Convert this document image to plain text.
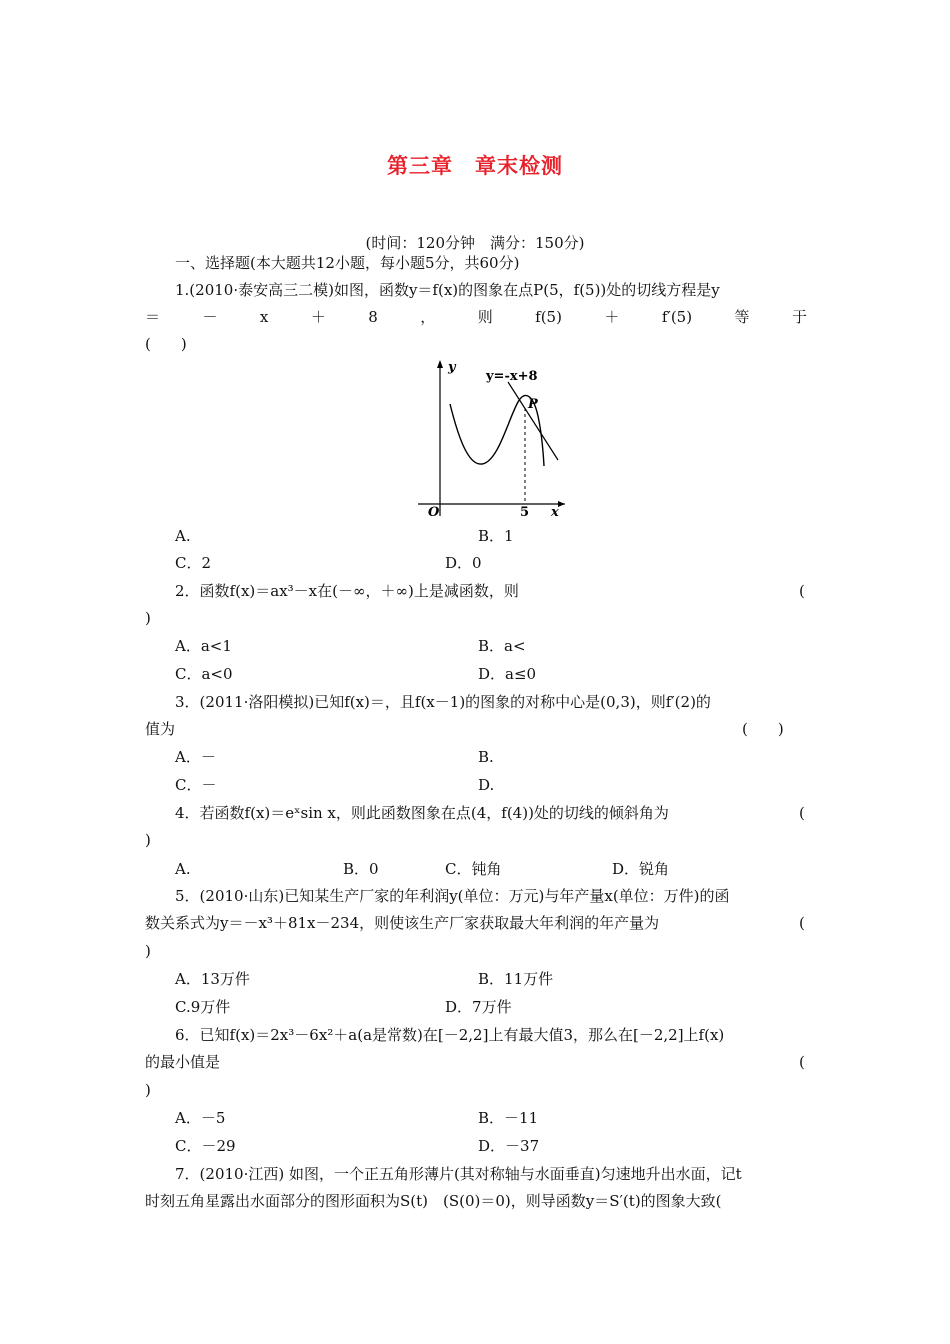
第三章　章末检测
(时间：120分钟　满分：150分)
一、选择题(本大题共12小题，每小题5分，共60分)
1.(2010·泰安高三二模)如图，函数y＝f(x)的图象在点P(5，f(5))处的切线方程是y
＝	－	x	＋	8	，	则	f(5)	＋	f′(5)	等	于
(　　)
y
y=-x+8
P
O	5 x
A.	B．1
C．2	D．0
2．函数f(x)＝ax³－x在(－∞，＋∞)上是减函数，则	(
)
A．a<1	B．a<
C．a<0	D．a≤0
3．(2011·洛阳模拟)已知f(x)＝，且f(x－1)的图象的对称中心是(0,3)，则f′(2)的
值为	(　　)
A．－	B.
C．－	D.
4．若函数f(x)＝eˣsin x，则此函数图象在点(4，f(4))处的切线的倾斜角为	(
)
A.	B．0	C．钝角	D．锐角
5．(2010·山东)已知某生产厂家的年利润y(单位：万元)与年产量x(单位：万件)的函
数关系式为y＝－x³＋81x－234，则使该生产厂家获取最大年利润的年产量为	(
)
A．13万件	B．11万件
C.9万件	D．7万件
6．已知f(x)＝2x³－6x²＋a(a是常数)在[－2,2]上有最大值3，那么在[－2,2]上f(x)
的最小值是	(
)
A．－5	B．－11
C．－29	D．－37
7．(2010·江西) 如图，一个正五角形薄片(其对称轴与水面垂直)匀速地升出水面，记t
时刻五角星露出水面部分的图形面积为S(t)　(S(0)＝0)，则导函数y＝S′(t)的图象大致(
